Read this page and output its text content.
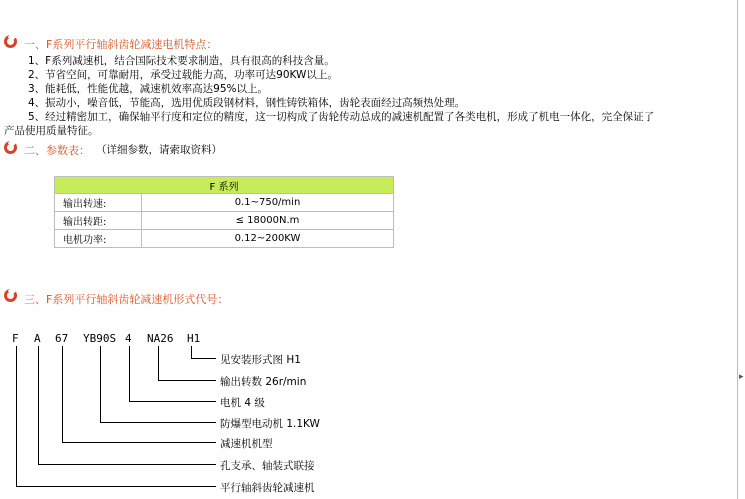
一、F系列平行轴斜齿轮减速电机特点：
1、F系列减速机，结合国际技术要求制造，具有很高的科技含量。
2、节省空间，可靠耐用，承受过载能力高，功率可达90KW以上。
3、能耗低，性能优越，减速机效率高达95%以上。
4、振动小，噪音低，节能高，选用优质段钢材料，钢性铸铁箱体，齿轮表面经过高频热处理。
5、经过精密加工，确保轴平行度和定位的精度，这一切构成了齿轮传动总成的减速机配置了各类电机，形成了机电一体化，完全保证了
产品使用质量特征。
二、参数表： （详细参数，请索取资料）
F 系列	
输出转速:	0.1~750/min
输出转距:	≤ 18000N.m
电机功率:	0.12~200KW
三、F系列平行轴斜齿轮减速机形式代号：
F A 67 YB90S 4 NA26 H1
见安装形式图 H1
输出转数 26r/min
电机 4 级
防爆型电动机 1.1KW
减速机机型
孔支承、轴装式联接
平行轴斜齿轮减速机
▸
